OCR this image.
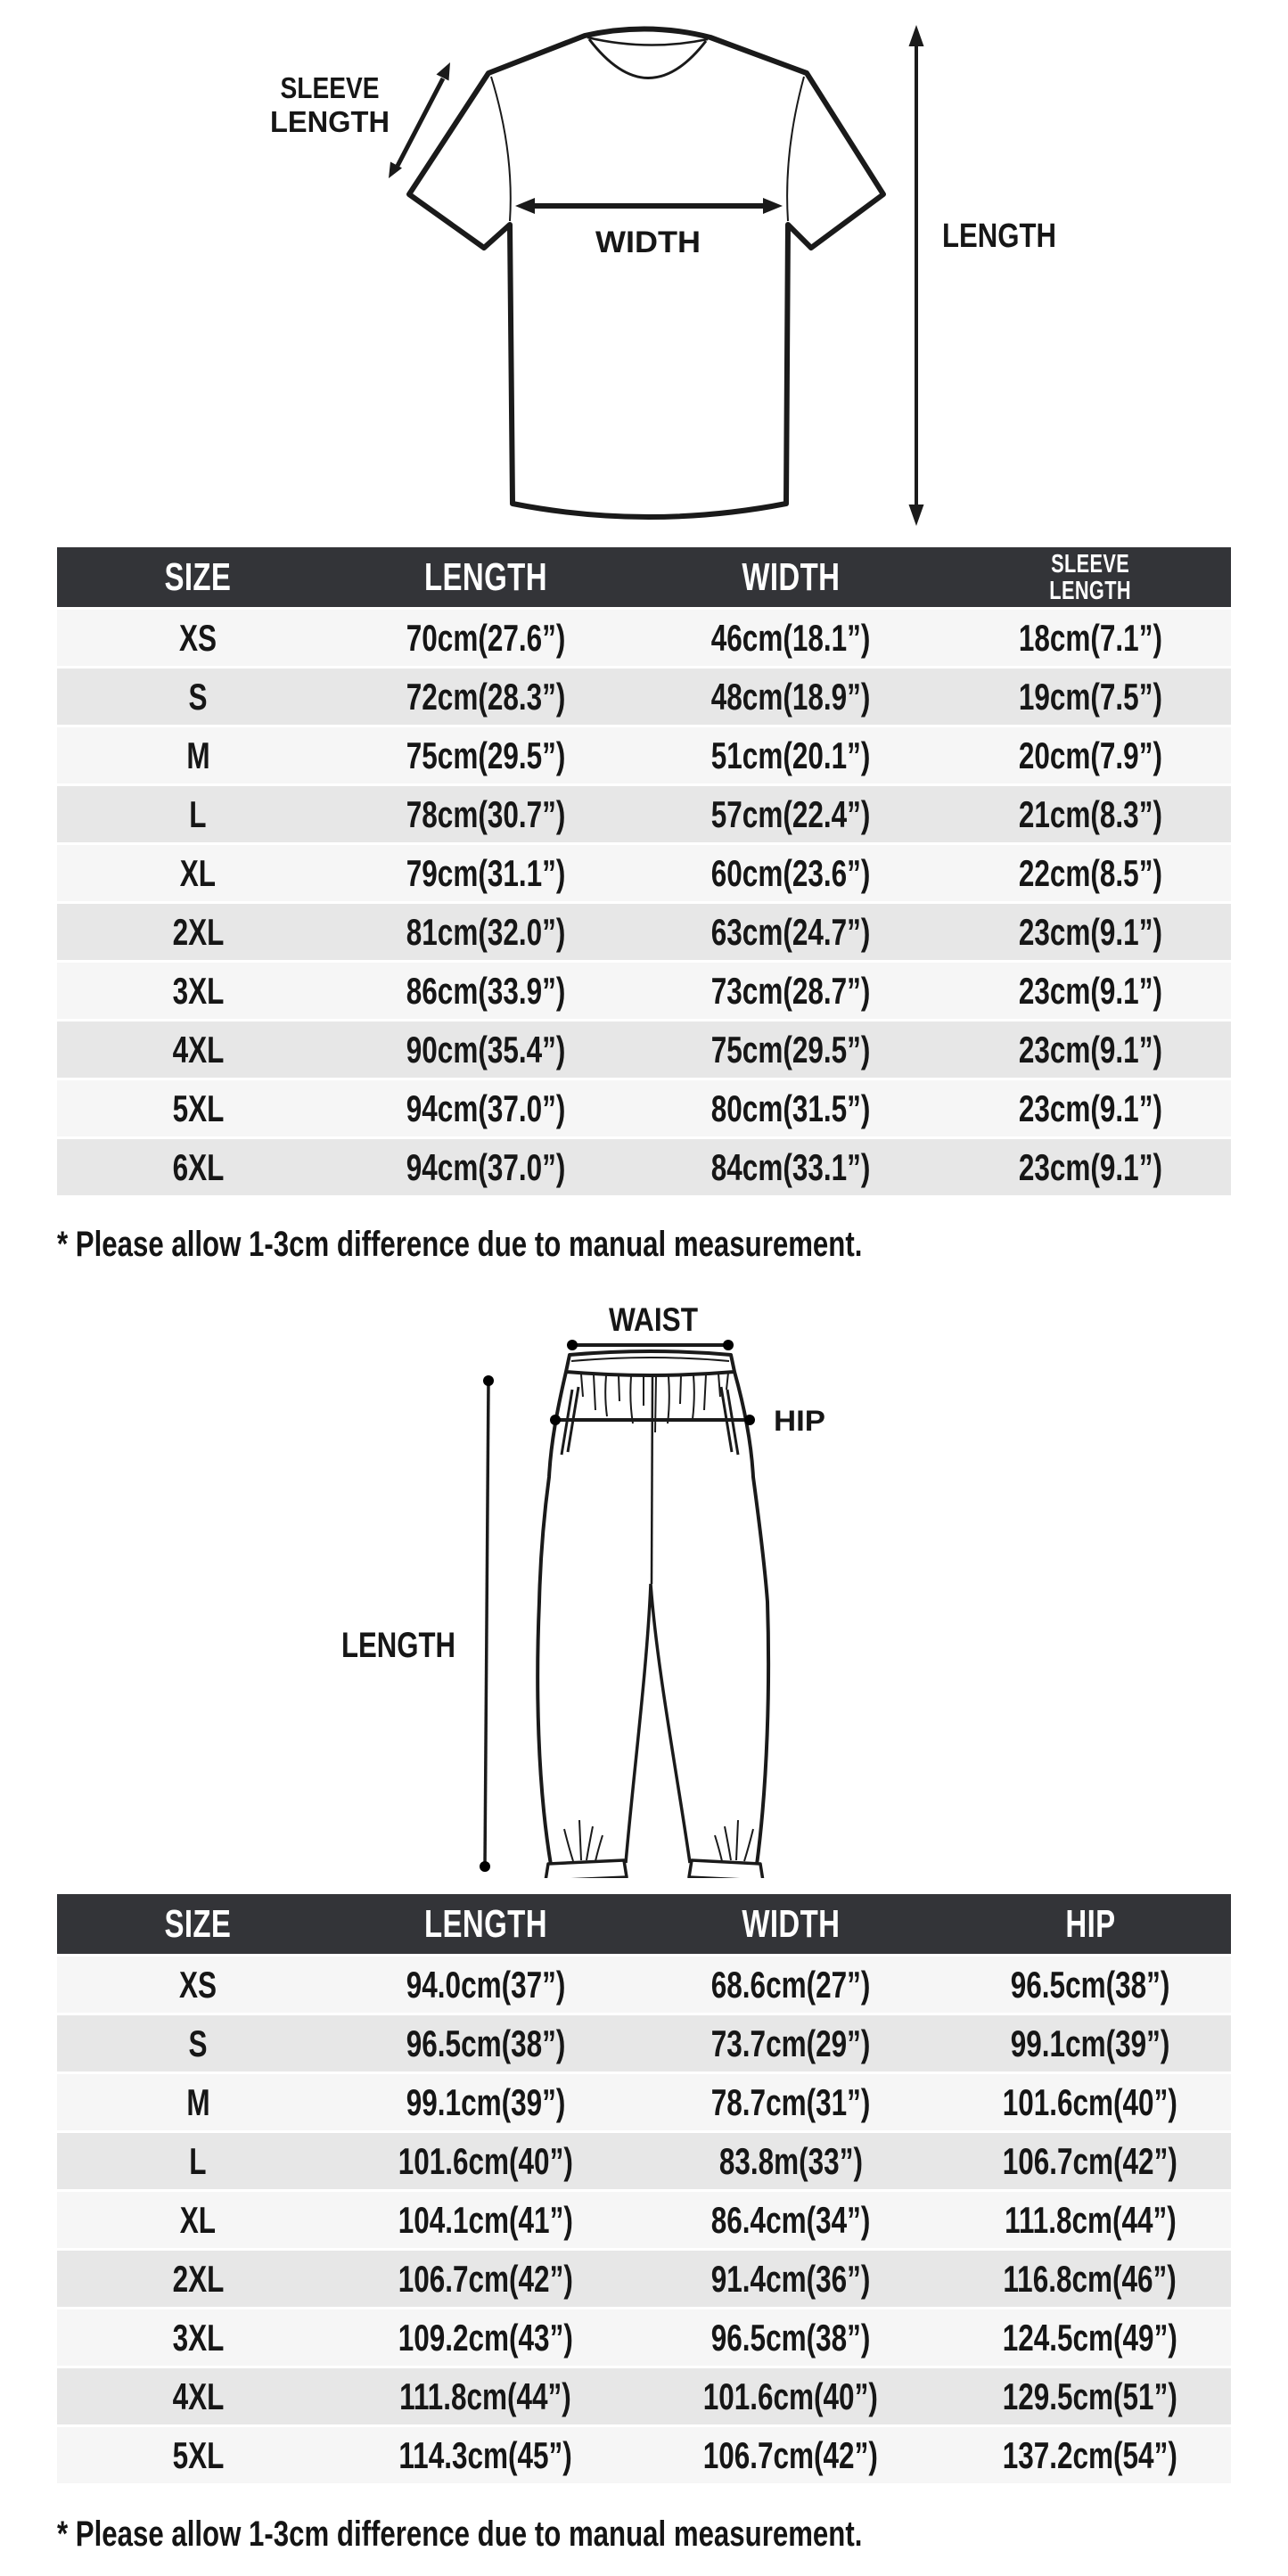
WIDTH	LENGTH
SLEEVE
LENGTH
SIZE	LENGTH	WIDTH	SLEEVE
LENGTH
XS	70cm(27.6”)	46cm(18.1”)	18cm(7.1”)
S	72cm(28.3”)	48cm(18.9”)	19cm(7.5”)
M	75cm(29.5”)	51cm(20.1”)	20cm(7.9”)
L	78cm(30.7”)	57cm(22.4”)	21cm(8.3”)
XL	79cm(31.1”)	60cm(23.6”)	22cm(8.5”)
2XL	81cm(32.0”)	63cm(24.7”)	23cm(9.1”)
3XL	86cm(33.9”)	73cm(28.7”)	23cm(9.1”)
4XL	90cm(35.4”)	75cm(29.5”)	23cm(9.1”)
5XL	94cm(37.0”)	80cm(31.5”)	23cm(9.1”)
6XL	94cm(37.0”)	84cm(33.1”)	23cm(9.1”)
* Please allow 1-3cm difference due to manual measurement.
WAIST
HIP
LENGTH
SIZE	LENGTH	WIDTH	HIP
XS	94.0cm(37”)	68.6cm(27”)	96.5cm(38”)
S	96.5cm(38”)	73.7cm(29”)	99.1cm(39”)
M	99.1cm(39”)	78.7cm(31”)	101.6cm(40”)
L	101.6cm(40”)	83.8m(33”)	106.7cm(42”)
XL	104.1cm(41”)	86.4cm(34”)	111.8cm(44”)
2XL	106.7cm(42”)	91.4cm(36”)	116.8cm(46”)
3XL	109.2cm(43”)	96.5cm(38”)	124.5cm(49”)
4XL	111.8cm(44”)	101.6cm(40”)	129.5cm(51”)
5XL	114.3cm(45”)	106.7cm(42”)	137.2cm(54”)
* Please allow 1-3cm difference due to manual measurement.
